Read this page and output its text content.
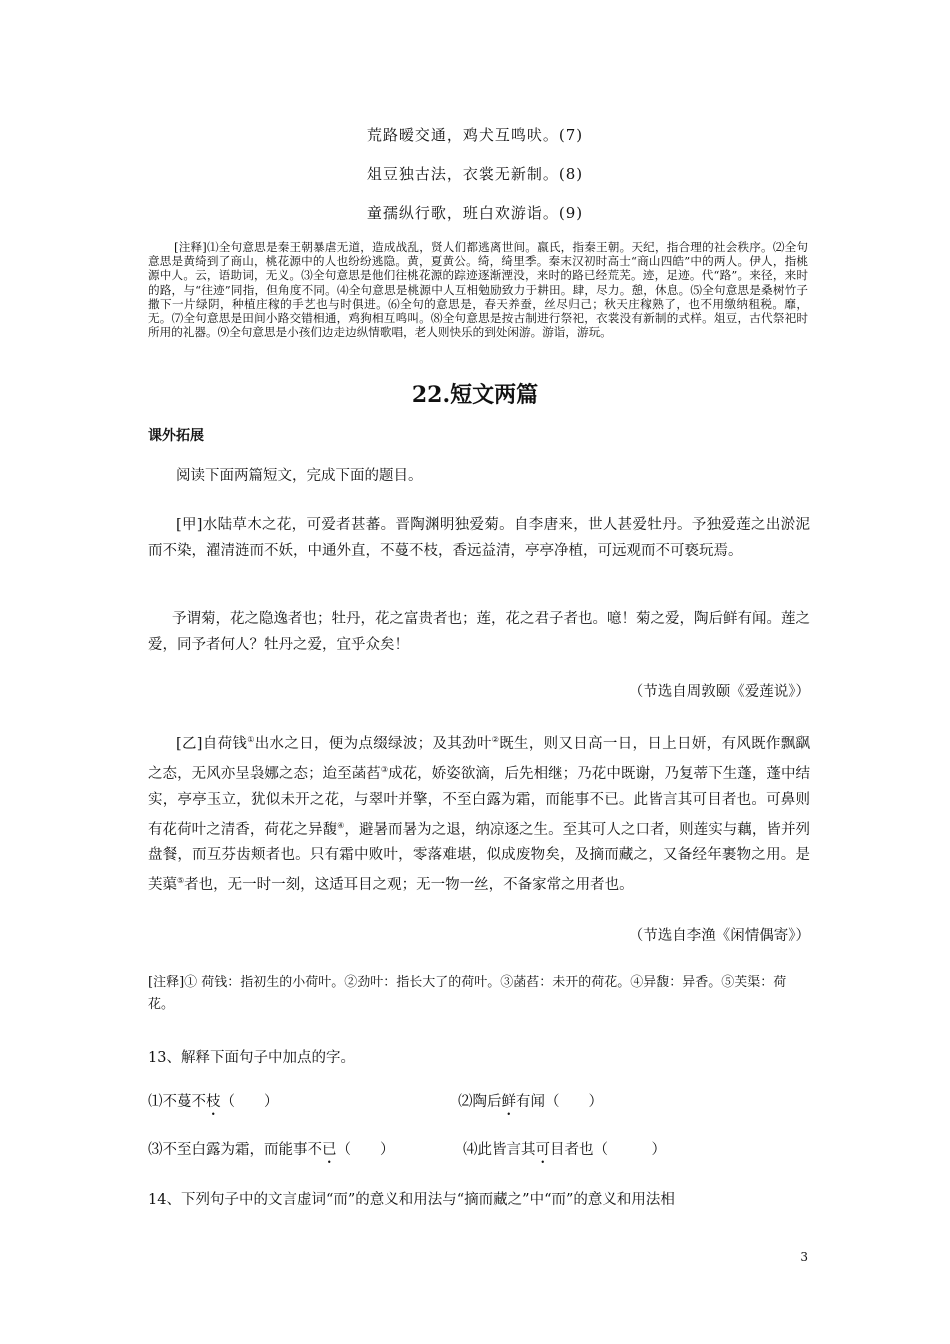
荒路暧交通，鸡犬互鸣吠。(7)
俎豆独古法，衣裳无新制。(8)
童孺纵行歌，班白欢游诣。(9)
[注释]⑴全句意思是秦王朝暴虐无道，造成战乱，贤人们都逃离世间。嬴氏，指秦王朝。天纪，指合理的社会秩序。⑵全句意思是黄绮到了商山，桃花源中的人也纷纷逃隐。黄，夏黄公。绮，绮里季。秦末汉初时高士“商山四皓”中的两人。伊人，指桃源中人。云，语助词，无义。⑶全句意思是他们往桃花源的踪迹逐渐湮没，来时的路已经荒芜。迹，足迹。代“路”。来径，来时的路，与“往迹”同指，但角度不同。⑷全句意思是桃源中人互相勉励致力于耕田。肆，尽力。憩，休息。⑸全句意思是桑树竹子撒下一片绿阴，种植庄稼的手艺也与时俱进。⑹全句的意思是，春天养蚕，丝尽归己；秋天庄稼熟了，也不用缴纳租税。靡，无。⑺全句意思是田间小路交错相通，鸡狗相互鸣叫。⑻全句意思是按古制进行祭祀，衣裳没有新制的式样。俎豆，古代祭祀时所用的礼器。⑼全句意思是小孩们边走边纵情歌唱，老人则快乐的到处闲游。游诣，游玩。
22.短文两篇
课外拓展
阅读下面两篇短文，完成下面的题目。
[甲]水陆草木之花，可爱者甚蕃。晋陶渊明独爱菊。自李唐来，世人甚爱牡丹。予独爱莲之出淤泥而不染，濯清涟而不妖，中通外直，不蔓不枝，香远益清，亭亭净植，可远观而不可亵玩焉。
予谓菊，花之隐逸者也；牡丹，花之富贵者也；莲，花之君子者也。噫！菊之爱，陶后鲜有闻。莲之爱，同予者何人？牡丹之爱，宜乎众矣！
（节选自周敦颐《爱莲说》）
[乙]自荷钱①出水之日，便为点缀绿波；及其劲叶②既生，则又日高一日，日上日妍，有风既作飘飖之态，无风亦呈袅娜之态；迨至菡萏③成花，娇姿欲滴，后先相继；乃花中既谢，乃复蒂下生蓬，蓬中结实，亭亭玉立，犹似未开之花，与翠叶并擎，不至白露为霜，而能事不已。此皆言其可目者也。可鼻则有花荷叶之清香，荷花之异馥④，避暑而暑为之退，纳凉逐之生。至其可人之口者，则莲实与藕，皆并列盘餐，而互芬齿颊者也。只有霜中败叶，零落难堪，似成废物矣，及摘而藏之，又备经年裹物之用。是芙蕖⑤者也，无一时一刻，这适耳目之观；无一物一丝，不备家常之用者也。
（节选自李渔《闲情偶寄》）
[注释]① 荷钱：指初生的小荷叶。②劲叶：指长大了的荷叶。③菡萏：未开的荷花。④异馥：异香。⑤芙渠：荷花。
13、解释下面句子中加点的字。
⑴不蔓不枝（　　）	⑵陶后鲜有闻（　　）
⑶不至白露为霜，而能事不已（　　）	⑷此皆言其可目者也（　　　）
14、下列句子中的文言虚词“而”的意义和用法与“摘而藏之”中“而”的意义和用法相
3
